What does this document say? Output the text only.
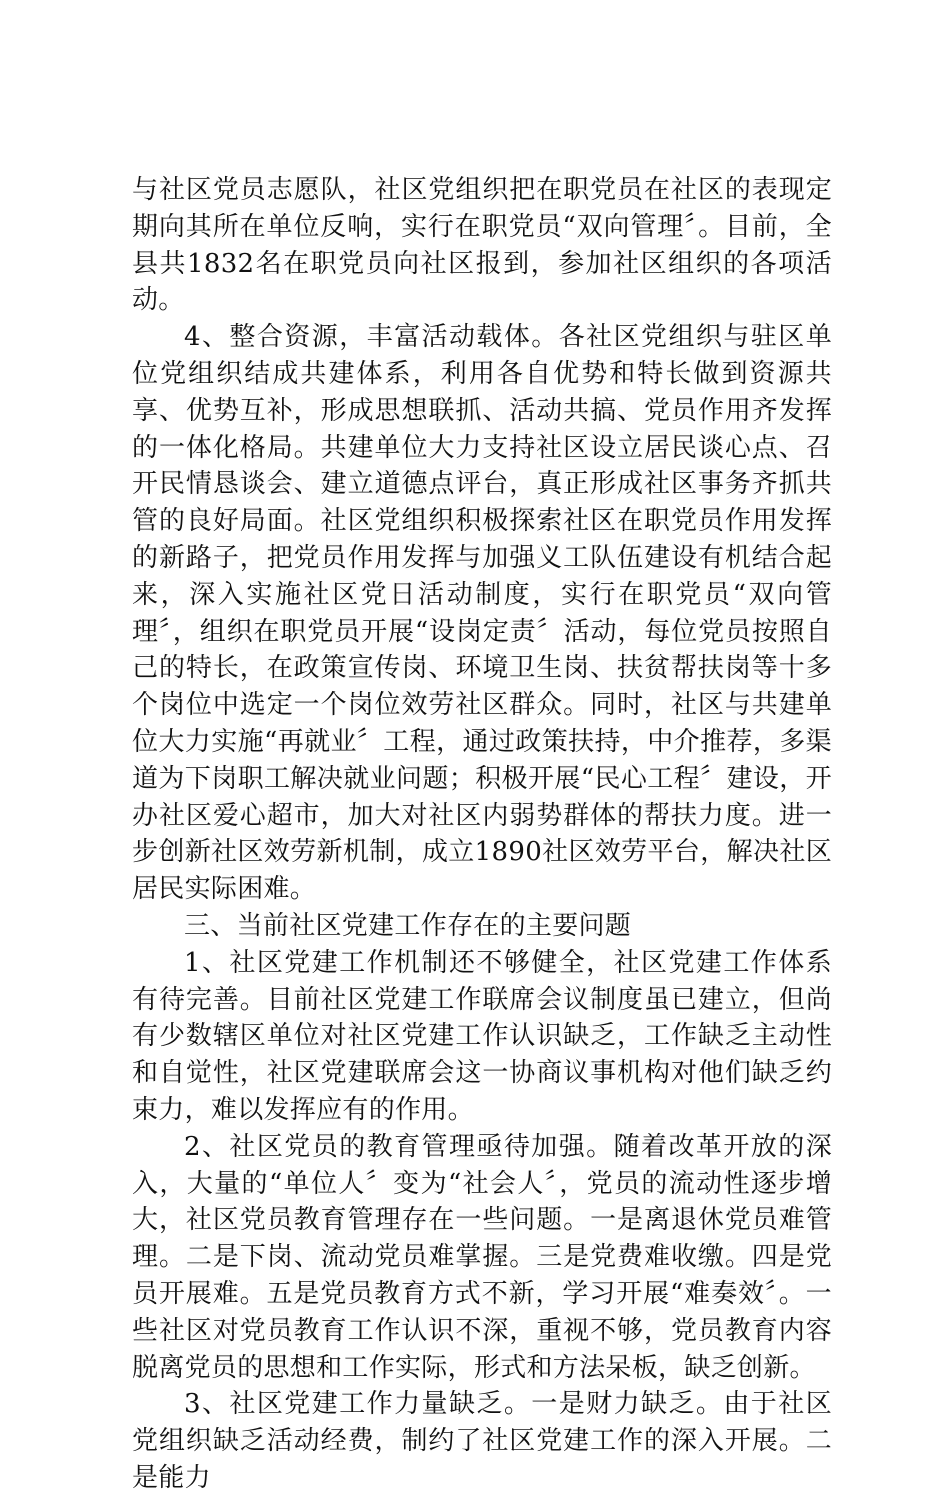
与社区党员志愿队，社区党组织把在职党员在社区的表现定期向其所在单位反响，实行在职党员“双向管理〞。目前，全县共1832名在职党员向社区报到，参加社区组织的各项活动。

4、整合资源，丰富活动载体。各社区党组织与驻区单位党组织结成共建体系，利用各自优势和特长做到资源共享、优势互补，形成思想联抓、活动共搞、党员作用齐发挥的一体化格局。共建单位大力支持社区设立居民谈心点、召开民情恳谈会、建立道德点评台，真正形成社区事务齐抓共管的良好局面。社区党组织积极探索社区在职党员作用发挥的新路子，把党员作用发挥与加强义工队伍建设有机结合起来，深入实施社区党日活动制度，实行在职党员“双向管理〞，组织在职党员开展“设岗定责〞活动，每位党员按照自己的特长，在政策宣传岗、环境卫生岗、扶贫帮扶岗等十多个岗位中选定一个岗位效劳社区群众。同时，社区与共建单位大力实施“再就业〞工程，通过政策扶持，中介推荐，多渠道为下岗职工解决就业问题；积极开展“民心工程〞建设，开办社区爱心超市，加大对社区内弱势群体的帮扶力度。进一步创新社区效劳新机制，成立1890社区效劳平台，解决社区居民实际困难。

三、当前社区党建工作存在的主要问题

1、社区党建工作机制还不够健全，社区党建工作体系有待完善。目前社区党建工作联席会议制度虽已建立，但尚有少数辖区单位对社区党建工作认识缺乏，工作缺乏主动性和自觉性，社区党建联席会这一协商议事机构对他们缺乏约束力，难以发挥应有的作用。

2、社区党员的教育管理亟待加强。随着改革开放的深入，大量的“单位人〞变为“社会人〞，党员的流动性逐步增大，社区党员教育管理存在一些问题。一是离退休党员难管理。二是下岗、流动党员难掌握。三是党费难收缴。四是党员开展难。五是党员教育方式不新，学习开展“难奏效〞。一些社区对党员教育工作认识不深，重视不够，党员教育内容脱离党员的思想和工作实际，形式和方法呆板，缺乏创新。

3、社区党建工作力量缺乏。一是财力缺乏。由于社区党组织缺乏活动经费，制约了社区党建工作的深入开展。二是能力
